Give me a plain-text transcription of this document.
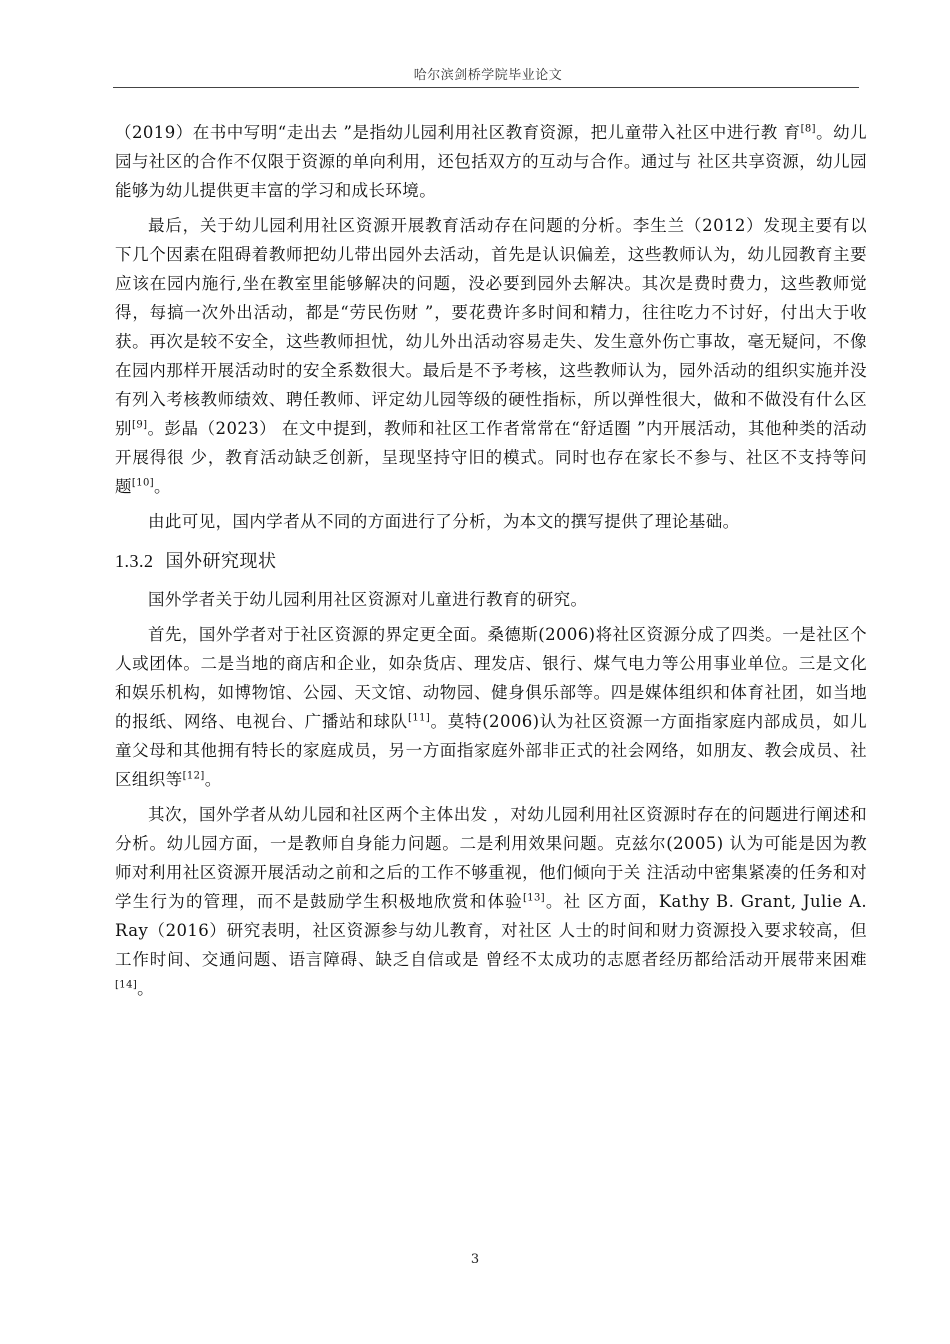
哈尔滨剑桥学院毕业论文

（2019）在书中写明“走出去 ”是指幼儿园利用社区教育资源，把儿童带入社区中进行教 育[8]。幼儿园与社区的合作不仅限于资源的单向利用，还包括双方的互动与合作。通过与 社区共享资源，幼儿园能够为幼儿提供更丰富的学习和成长环境。

最后，关于幼儿园利用社区资源开展教育活动存在问题的分析。李生兰（2012）发现主要有以下几个因素在阻碍着教师把幼儿带出园外去活动，首先是认识偏差，这些教师认为，幼儿园教育主要应该在园内施行,坐在教室里能够解决的问题，没必要到园外去解决。其次是费时费力，这些教师觉得，每搞一次外出活动，都是“劳民伤财 ”，要花费许多时间和精力，往往吃力不讨好，付出大于收获。再次是较不安全，这些教师担忧，幼儿外出活动容易走失、发生意外伤亡事故，毫无疑问，不像在园内那样开展活动时的安全系数很大。最后是不予考核，这些教师认为，园外活动的组织实施并没有列入考核教师绩效、聘任教师、评定幼儿园等级的硬性指标，所以弹性很大，做和不做没有什么区别[9]。彭晶（2023） 在文中提到，教师和社区工作者常常在“舒适圈 ”内开展活动，其他种类的活动开展得很 少，教育活动缺乏创新，呈现坚持守旧的模式。同时也存在家长不参与、社区不支持等问 题[10]。

由此可见，国内学者从不同的方面进行了分析，为本文的撰写提供了理论基础。

1.3.2 国外研究现状

国外学者关于幼儿园利用社区资源对儿童进行教育的研究。

首先，国外学者对于社区资源的界定更全面。桑德斯(2006)将社区资源分成了四类。一是社区个人或团体。二是当地的商店和企业，如杂货店、理发店、银行、煤气电力等公用事业单位。三是文化和娱乐机构，如博物馆、公园、天文馆、动物园、健身俱乐部等。四是媒体组织和体育社团，如当地的报纸、网络、电视台、广播站和球队[11]。莫特(2006)认为社区资源一方面指家庭内部成员，如儿童父母和其他拥有特长的家庭成员，另一方面指家庭外部非正式的社会网络，如朋友、教会成员、社区组织等[12]。

其次，国外学者从幼儿园和社区两个主体出发 ，对幼儿园利用社区资源时存在的问题进行阐述和分析。幼儿园方面，一是教师自身能力问题。二是利用效果问题。克兹尔(2005) 认为可能是因为教师对利用社区资源开展活动之前和之后的工作不够重视，他们倾向于关 注活动中密集紧凑的任务和对学生行为的管理，而不是鼓励学生积极地欣赏和体验[13]。社 区方面，Kathy B. Grant, Julie A. Ray（2016）研究表明，社区资源参与幼儿教育，对社区 人士的时间和财力资源投入要求较高，但工作时间、交通问题、语言障碍、缺乏自信或是 曾经不太成功的志愿者经历都给活动开展带来困难[14]。

3
